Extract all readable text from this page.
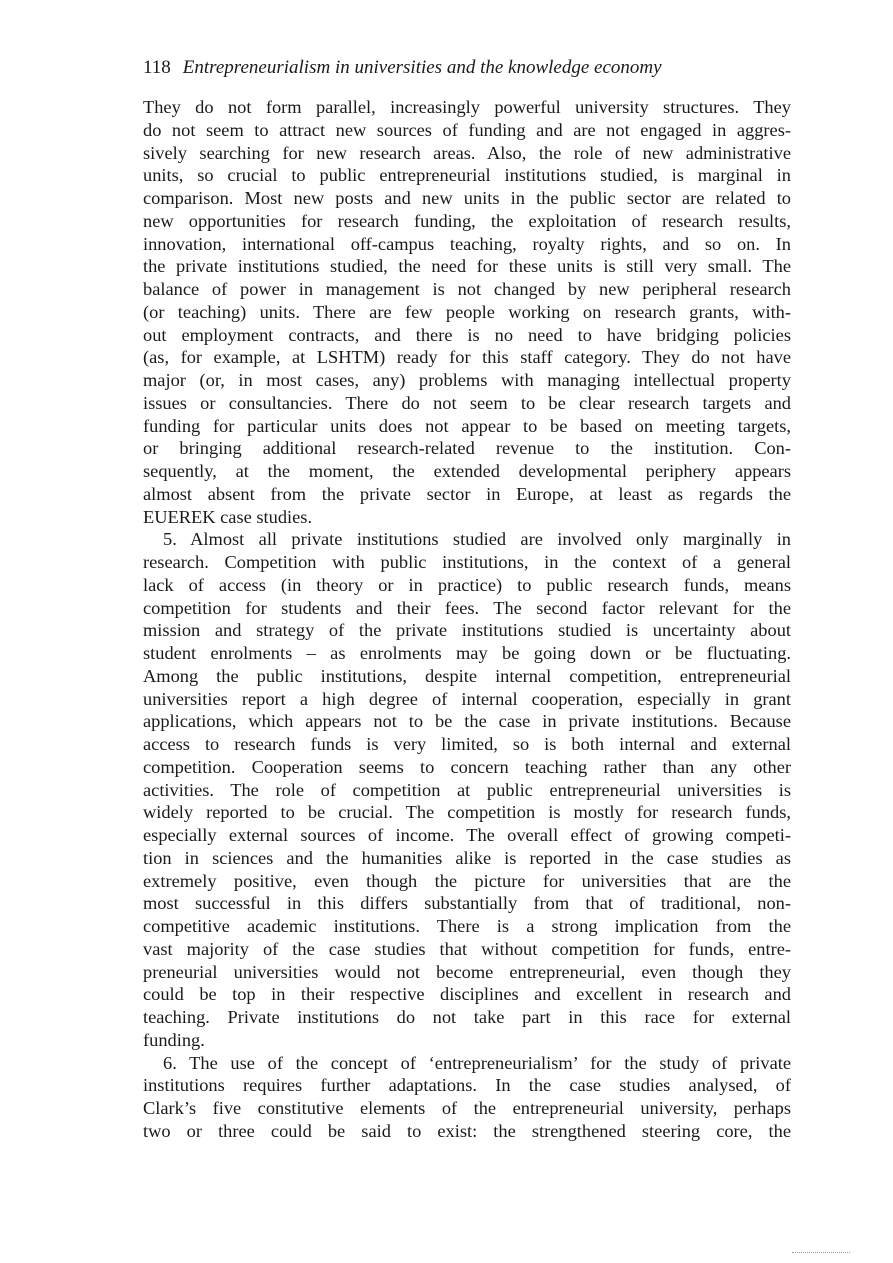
118 Entrepreneurialism in universities and the knowledge economy
They do not form parallel, increasingly powerful university structures. They
do not seem to attract new sources of funding and are not engaged in aggres-
sively searching for new research areas. Also, the role of new administrative
units, so crucial to public entrepreneurial institutions studied, is marginal in
comparison. Most new posts and new units in the public sector are related to
new opportunities for research funding, the exploitation of research results,
innovation, international off-campus teaching, royalty rights, and so on. In
the private institutions studied, the need for these units is still very small. The
balance of power in management is not changed by new peripheral research
(or teaching) units. There are few people working on research grants, with-
out employment contracts, and there is no need to have bridging policies
(as, for example, at LSHTM) ready for this staff category. They do not have
major (or, in most cases, any) problems with managing intellectual property
issues or consultancies. There do not seem to be clear research targets and
funding for particular units does not appear to be based on meeting targets,
or bringing additional research-related revenue to the institution. Con-
sequently, at the moment, the extended developmental periphery appears
almost absent from the private sector in Europe, at least as regards the
EUEREK case studies.
5. Almost all private institutions studied are involved only marginally in
research. Competition with public institutions, in the context of a general
lack of access (in theory or in practice) to public research funds, means
competition for students and their fees. The second factor relevant for the
mission and strategy of the private institutions studied is uncertainty about
student enrolments – as enrolments may be going down or be fluctuating.
Among the public institutions, despite internal competition, entrepreneurial
universities report a high degree of internal cooperation, especially in grant
applications, which appears not to be the case in private institutions. Because
access to research funds is very limited, so is both internal and external
competition. Cooperation seems to concern teaching rather than any other
activities. The role of competition at public entrepreneurial universities is
widely reported to be crucial. The competition is mostly for research funds,
especially external sources of income. The overall effect of growing competi-
tion in sciences and the humanities alike is reported in the case studies as
extremely positive, even though the picture for universities that are the
most successful in this differs substantially from that of traditional, non-
competitive academic institutions. There is a strong implication from the
vast majority of the case studies that without competition for funds, entre-
preneurial universities would not become entrepreneurial, even though they
could be top in their respective disciplines and excellent in research and
teaching. Private institutions do not take part in this race for external
funding.
6. The use of the concept of ‘entrepreneurialism’ for the study of private
institutions requires further adaptations. In the case studies analysed, of
Clark’s five constitutive elements of the entrepreneurial university, perhaps
two or three could be said to exist: the strengthened steering core, the
